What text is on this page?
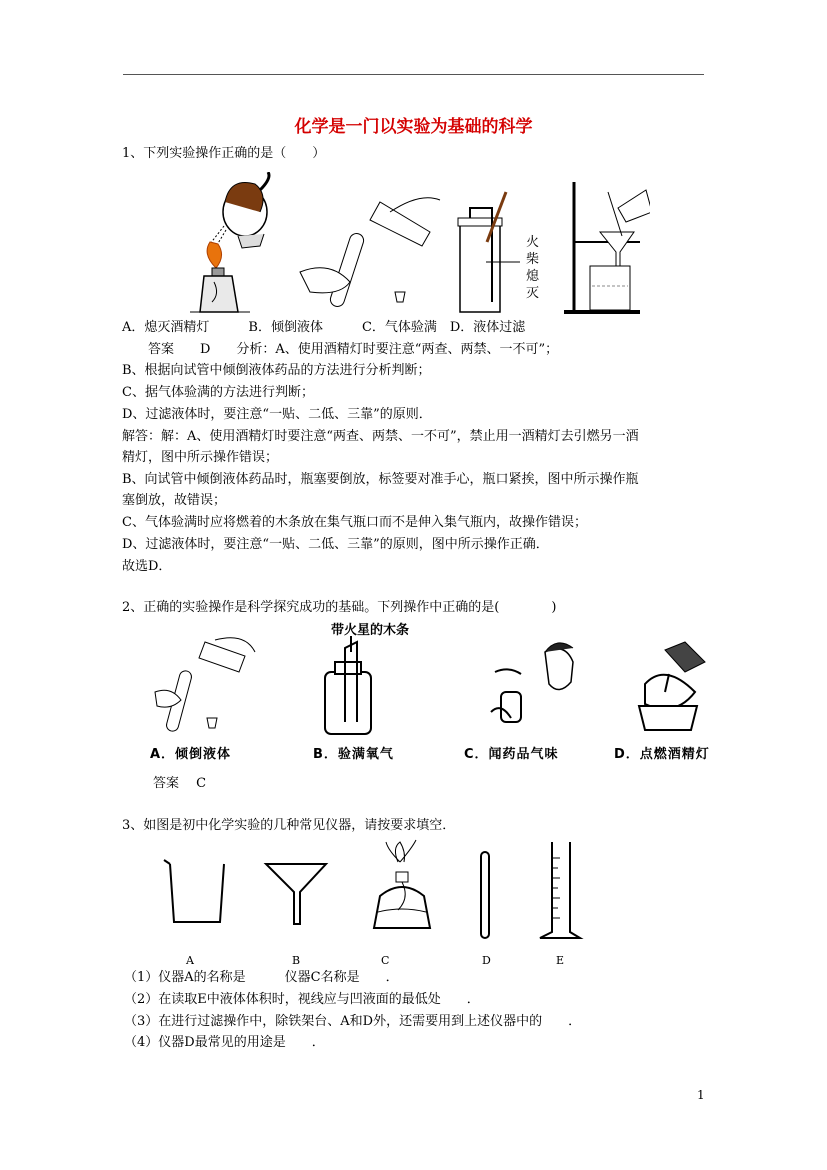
化学是一门以实验为基础的科学
1、下列实验操作正确的是（　　）
火柴熄灭
A．熄灭酒精灯　　　B．倾倒液体　　　C．气体验满　D．液体过滤
　　答案　　D　　分析：A、使用酒精灯时要注意“两查、两禁、一不可”；
B、根据向试管中倾倒液体药品的方法进行分析判断；
C、据气体验满的方法进行判断；
D、过滤液体时，要注意“一贴、二低、三靠”的原则．
解答：解：A、使用酒精灯时要注意“两查、两禁、一不可”，禁止用一酒精灯去引燃另一酒
精灯，图中所示操作错误；
B、向试管中倾倒液体药品时，瓶塞要倒放，标签要对准手心，瓶口紧挨，图中所示操作瓶
塞倒放，故错误；
C、气体验满时应将燃着的木条放在集气瓶口而不是伸入集气瓶内，故操作错误；
D、过滤液体时，要注意“一贴、二低、三靠”的原则，图中所示操作正确．
故选D．
2、正确的实验操作是科学探究成功的基础。下列操作中正确的是(　　　　)
带火星的木条
A．倾倒液体	B．验满氧气	C．闻药品气味	D．点燃酒精灯
　答案　 C
3、如图是初中化学实验的几种常见仪器，请按要求填空．
A	B	C	D	E
（1）仪器A的名称是　　　仪器C名称是　　．
（2）在读取E中液体体积时，视线应与凹液面的最低处　　．
（3）在进行过滤操作中，除铁架台、A和D外，还需要用到上述仪器中的　　．
（4）仪器D最常见的用途是　　．
1
